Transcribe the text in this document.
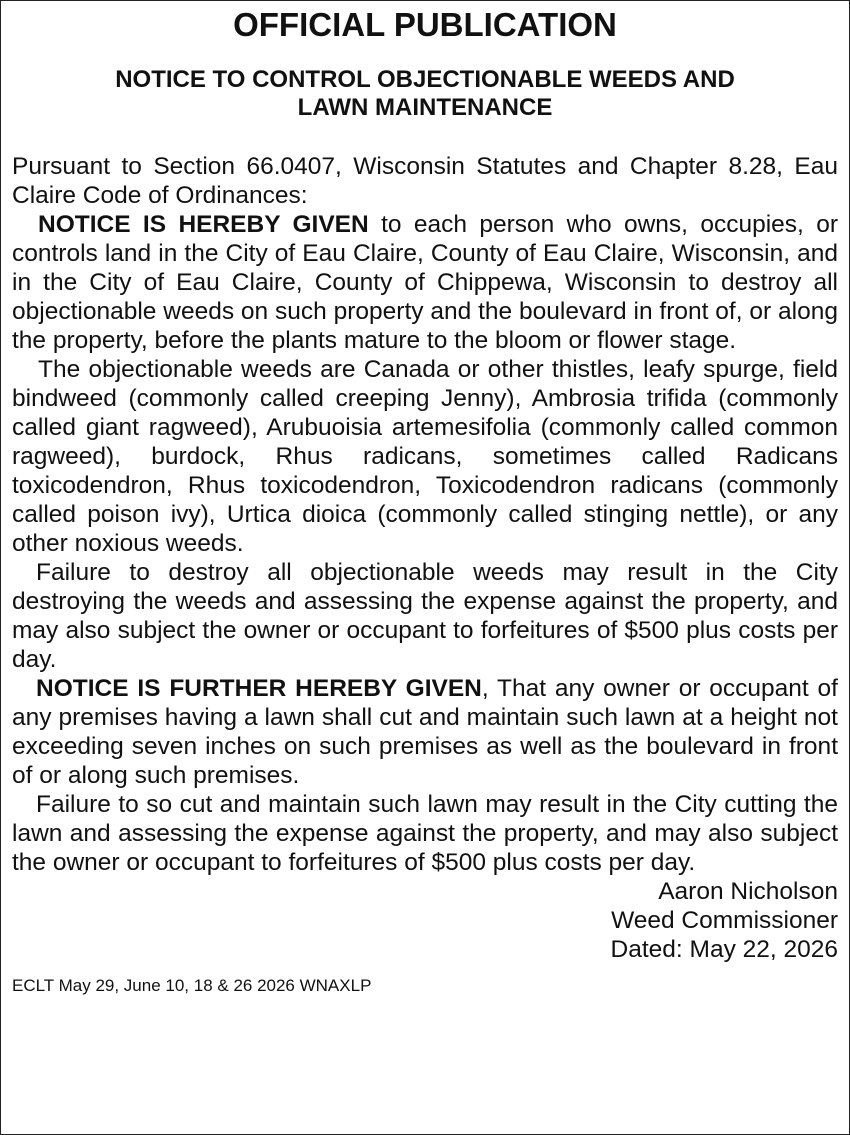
OFFICIAL PUBLICATION
NOTICE TO CONTROL OBJECTIONABLE WEEDS AND
LAWN MAINTENANCE

Pursuant to Section 66.0407, Wisconsin Statutes and Chapter 8.28, Eau Claire Code of Ordinances:

NOTICE IS HEREBY GIVEN to each person who owns, occupies, or controls land in the City of Eau Claire, County of Eau Claire, Wisconsin, and in the City of Eau Claire, County of Chippewa, Wisconsin to destroy all objectionable weeds on such property and the boulevard in front of, or along the property, before the plants mature to the bloom or flower stage.

The objectionable weeds are Canada or other thistles, leafy spurge, field bindweed (commonly called creeping Jenny), Ambrosia trifida (commonly called giant ragweed), Arubuoisia artemesifolia (commonly called common ragweed), burdock, Rhus radicans, sometimes called Radicans toxicodendron, Rhus toxicodendron, Toxicodendron radicans (commonly called poison ivy), Urtica dioica (commonly called stinging nettle), or any other noxious weeds.

Failure to destroy all objectionable weeds may result in the City destroying the weeds and assessing the expense against the property, and may also subject the owner or occupant to forfeitures of $500 plus costs per day.

NOTICE IS FURTHER HEREBY GIVEN, That any owner or occupant of any premises having a lawn shall cut and maintain such lawn at a height not exceeding seven inches on such premises as well as the boulevard in front of or along such premises.

Failure to so cut and maintain such lawn may result in the City cutting the lawn and assessing the expense against the property, and may also subject the owner or occupant to forfeitures of $500 plus costs per day.

Aaron Nicholson
Weed Commissioner
Dated: May 22, 2026
ECLT May 29, June 10, 18 & 26 2026 WNAXLP
